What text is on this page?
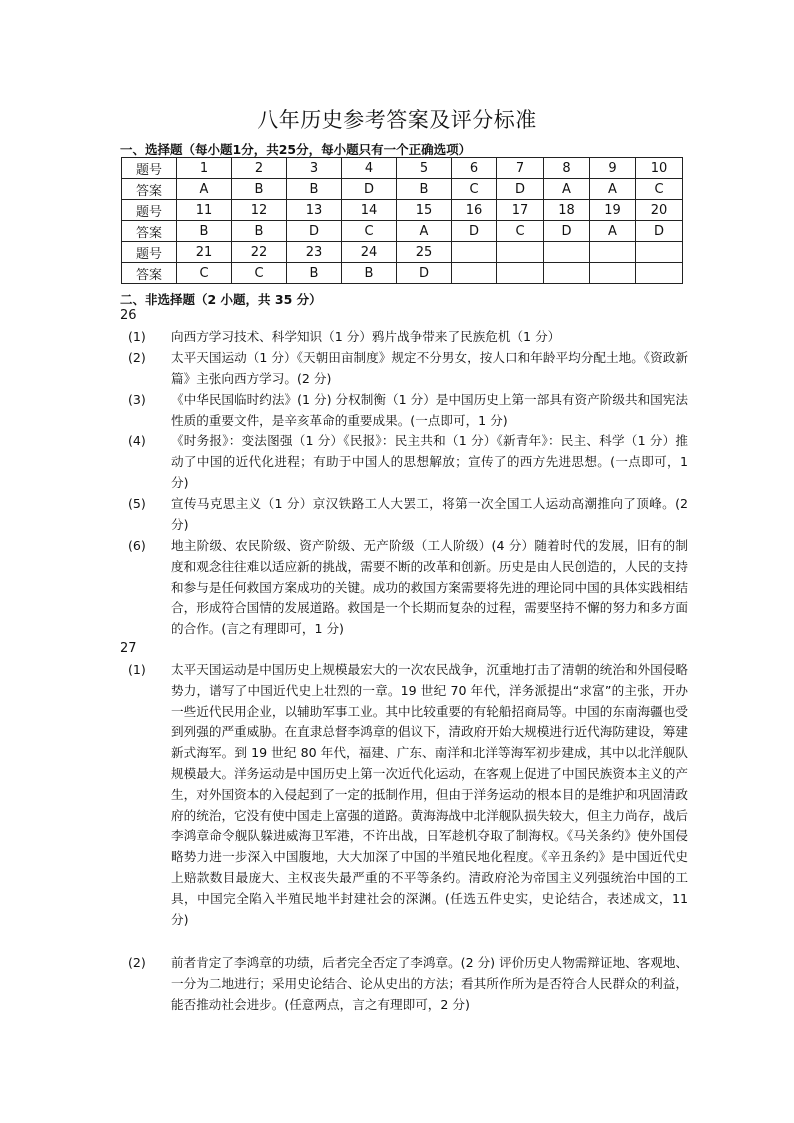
八年历史参考答案及评分标准
一、选择题（每小题1分，共25分，每小题只有一个正确选项）
题号	1	2	3	4	5	6	7	8	9	10
答案	A	B	B	D	B	C	D	A	A	C
题号	11	12	13	14	15	16	17	18	19	20
答案	B	B	D	C	A	D	C	D	A	D
题号	21	22	23	24	25					
答案	C	C	B	B	D					
二、非选择题（2 小题，共 35 分）
26
(1) 向西方学习技术、科学知识（1 分）鸦片战争带来了民族危机（1 分）
(2) 太平天国运动（1 分）《天朝田亩制度》规定不分男女，按人口和年龄平均分配土地。《资政新篇》主张向西方学习。(2 分)
(3) 《中华民国临时约法》(1 分) 分权制衡（1 分）是中国历史上第一部具有资产阶级共和国宪法性质的重要文件，是辛亥革命的重要成果。(一点即可，1 分)
(4) 《时务报》：变法图强（1 分）《民报》：民主共和（1 分）《新青年》：民主、科学（1 分）推动了中国的近代化进程；有助于中国人的思想解放；宣传了的西方先进思想。(一点即可，1 分)
(5) 宣传马克思主义（1 分）京汉铁路工人大罢工，将第一次全国工人运动高潮推向了顶峰。(2 分)
(6) 地主阶级、农民阶级、资产阶级、无产阶级（工人阶级）(4 分）随着时代的发展，旧有的制度和观念往往难以适应新的挑战，需要不断的改革和创新。历史是由人民创造的，人民的支持和参与是任何救国方案成功的关键。成功的救国方案需要将先进的理论同中国的具体实践相结合，形成符合国情的发展道路。救国是一个长期而复杂的过程，需要坚持不懈的努力和多方面的合作。(言之有理即可，1 分)
27
(1) 太平天国运动是中国历史上规模最宏大的一次农民战争，沉重地打击了清朝的统治和外国侵略势力，谱写了中国近代史上壮烈的一章。19 世纪 70 年代，洋务派提出“求富”的主张，开办一些近代民用企业，以辅助军事工业。其中比较重要的有轮船招商局等。中国的东南海疆也受到列强的严重威胁。在直隶总督李鸿章的倡议下，清政府开始大规模进行近代海防建设，筹建新式海军。到 19 世纪 80 年代，福建、广东、南洋和北洋等海军初步建成，其中以北洋舰队规模最大。洋务运动是中国历史上第一次近代化运动，在客观上促进了中国民族资本主义的产生，对外国资本的入侵起到了一定的抵制作用，但由于洋务运动的根本目的是维护和巩固清政府的统治，它没有使中国走上富强的道路。黄海海战中北洋舰队损失较大，但主力尚存，战后李鸿章命令舰队躲进威海卫军港，不许出战，日军趁机夺取了制海权。《马关条约》使外国侵略势力进一步深入中国腹地，大大加深了中国的半殖民地化程度。《辛丑条约》是中国近代史上赔款数目最庞大、主权丧失最严重的不平等条约。清政府沦为帝国主义列强统治中国的工具，中国完全陷入半殖民地半封建社会的深渊。(任选五件史实，史论结合，表述成文，11 分)
(2) 前者肯定了李鸿章的功绩，后者完全否定了李鸿章。(2 分) 评价历史人物需辩证地、客观地、一分为二地进行；采用史论结合、论从史出的方法；看其所作所为是否符合人民群众的利益，能否推动社会进步。(任意两点，言之有理即可，2 分)
